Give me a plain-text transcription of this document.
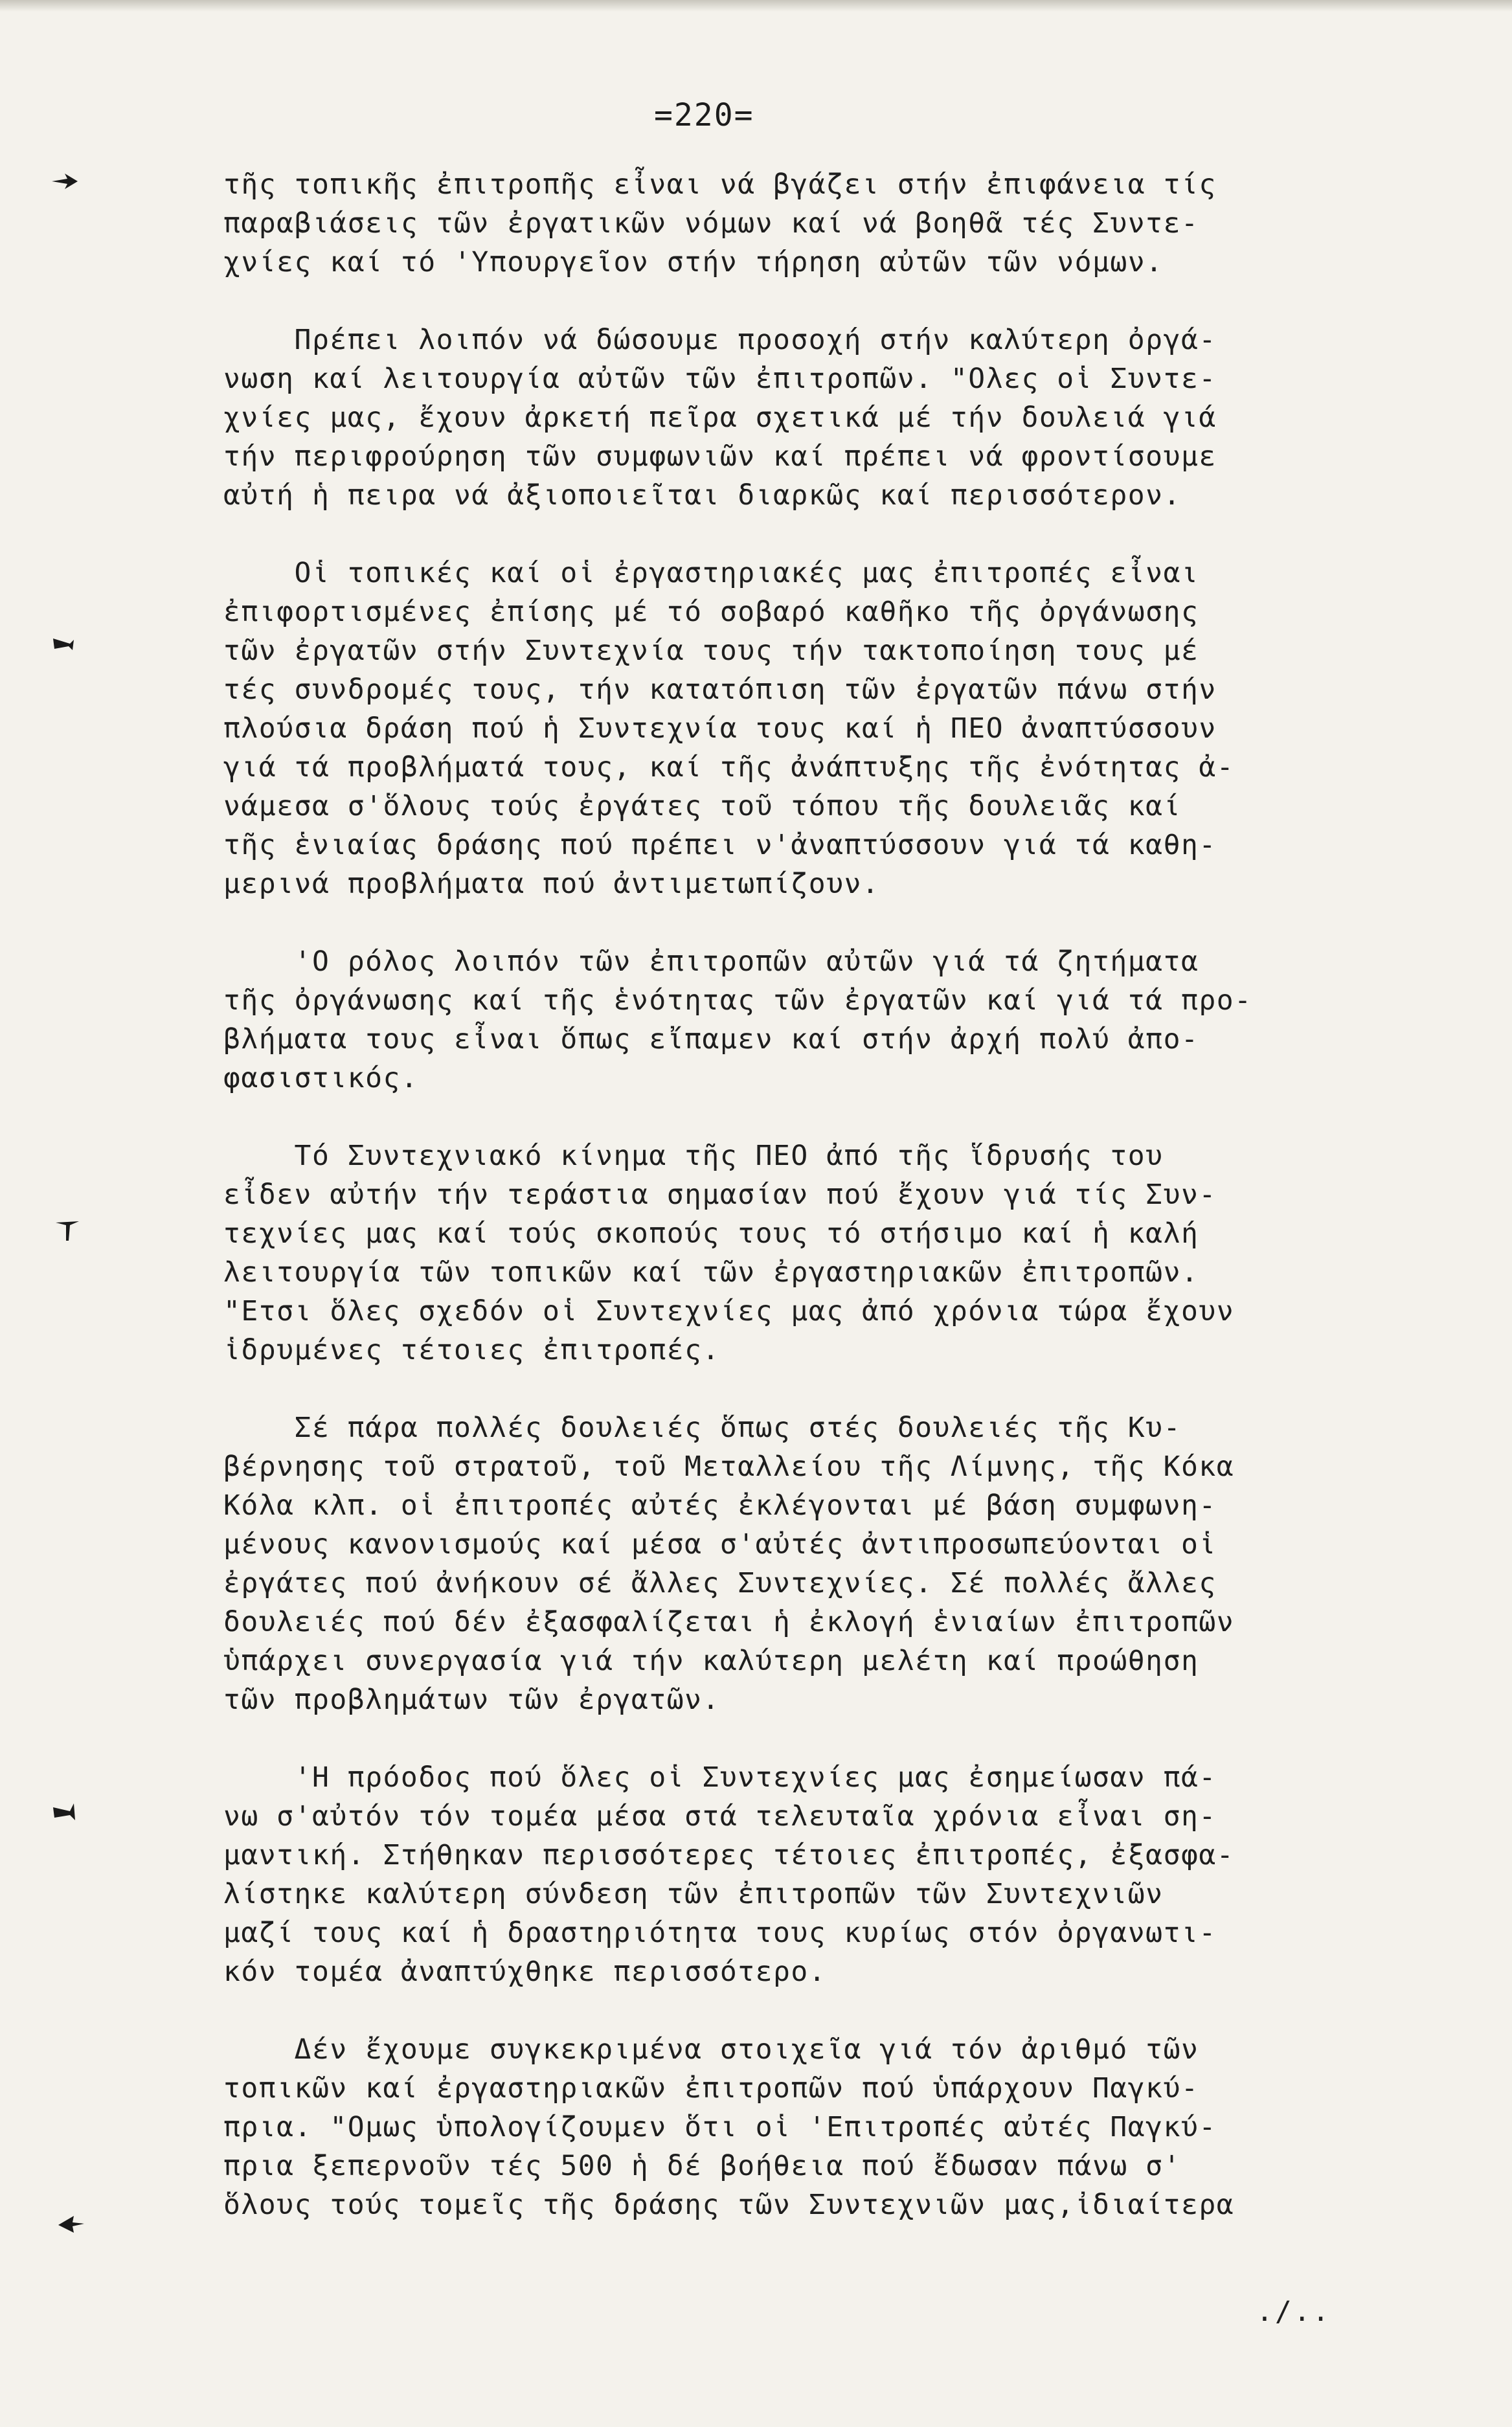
=220=
τῆς τοπικῆς ἐπιτροπῆς εἶναι νά βγάζει στήν ἐπιφάνεια τίς
παραβιάσεις τῶν ἐργατικῶν νόμων καί νά βοηθᾶ τές Συντε-
χνίες καί τό 'Υπουργεῖον στήν τήρηση αὐτῶν τῶν νόμων.
Πρέπει λοιπόν νά δώσουμε προσοχή στήν καλύτερη ὀργά-
νωση καί λειτουργία αὐτῶν τῶν ἐπιτροπῶν. "Ολες οἱ Συντε-
χνίες μας, ἔχουν ἀρκετή πεῖρα σχετικά μέ τήν δουλειά γιά
τήν περιφρούρηση τῶν συμφωνιῶν καί πρέπει νά φροντίσουμε
αὐτή ἡ πειρα νά ἀξιοποιεῖται διαρκῶς καί περισσότερον.
Οἱ τοπικές καί οἱ ἐργαστηριακές μας ἐπιτροπές εἶναι
ἐπιφορτισμένες ἐπίσης μέ τό σοβαρό καθῆκο τῆς ὀργάνωσης
τῶν ἐργατῶν στήν Συντεχνία τους τήν τακτοποίηση τους μέ
τές συνδρομές τους, τήν κατατόπιση τῶν ἐργατῶν πάνω στήν
πλούσια δράση πού ἡ Συντεχνία τους καί ἡ ΠΕΟ ἀναπτύσσουν
γιά τά προβλήματά τους, καί τῆς ἀνάπτυξης τῆς ἐνότητας ἀ-
νάμεσα σ'ὅλους τούς ἐργάτες τοῦ τόπου τῆς δουλειᾶς καί
τῆς ἑνιαίας δράσης πού πρέπει ν'ἀναπτύσσουν γιά τά καθη-
μερινά προβλήματα πού ἀντιμετωπίζουν.
'Ο ρόλος λοιπόν τῶν ἐπιτροπῶν αὐτῶν γιά τά ζητήματα
τῆς ὀργάνωσης καί τῆς ἑνότητας τῶν ἐργατῶν καί γιά τά προ-
βλήματα τους εἶναι ὅπως εἴπαμεν καί στήν ἀρχή πολύ ἀπο-
φασιστικός.
Τό Συντεχνιακό κίνημα τῆς ΠΕΟ ἀπό τῆς ἵδρυσής του
εἶδεν αὐτήν τήν τεράστια σημασίαν πού ἔχουν γιά τίς Συν-
τεχνίες μας καί τούς σκοπούς τους τό στήσιμο καί ἡ καλή
λειτουργία τῶν τοπικῶν καί τῶν ἐργαστηριακῶν ἐπιτροπῶν.
"Ετσι ὅλες σχεδόν οἱ Συντεχνίες μας ἀπό χρόνια τώρα ἔχουν
ἱδρυμένες τέτοιες ἐπιτροπές.
Σέ πάρα πολλές δουλειές ὅπως στές δουλειές τῆς Κυ-
βέρνησης τοῦ στρατοῦ, τοῦ Μεταλλείου τῆς Λίμνης, τῆς Κόκα
Κόλα κλπ. οἱ ἐπιτροπές αὐτές ἐκλέγονται μέ βάση συμφωνη-
μένους κανονισμούς καί μέσα σ'αὐτές ἀντιπροσωπεύονται οἱ
ἐργάτες πού ἀνήκουν σέ ἄλλες Συντεχνίες. Σέ πολλές ἄλλες
δουλειές πού δέν ἐξασφαλίζεται ἡ ἐκλογή ἑνιαίων ἐπιτροπῶν
ὑπάρχει συνεργασία γιά τήν καλύτερη μελέτη καί προώθηση
τῶν προβλημάτων τῶν ἐργατῶν.
'Η πρόοδος πού ὅλες οἱ Συντεχνίες μας ἐσημείωσαν πά-
νω σ'αὐτόν τόν τομέα μέσα στά τελευταῖα χρόνια εἶναι ση-
μαντική. Στήθηκαν περισσότερες τέτοιες ἐπιτροπές, ἐξασφα-
λίστηκε καλύτερη σύνδεση τῶν ἐπιτροπῶν τῶν Συντεχνιῶν
μαζί τους καί ἡ δραστηριότητα τους κυρίως στόν ὀργανωτι-
κόν τομέα ἀναπτύχθηκε περισσότερο.
Δέν ἔχουμε συγκεκριμένα στοιχεῖα γιά τόν ἀριθμό τῶν
τοπικῶν καί ἐργαστηριακῶν ἐπιτροπῶν πού ὑπάρχουν Παγκύ-
πρια. "Ομως ὑπολογίζουμεν ὅτι οἱ 'Επιτροπές αὐτές Παγκύ-
πρια ξεπερνοῦν τές 500 ἡ δέ βοήθεια πού ἔδωσαν πάνω σ'
ὅλους τούς τομεῖς τῆς δράσης τῶν Συντεχνιῶν μας,ἰδιαίτερα
./..
